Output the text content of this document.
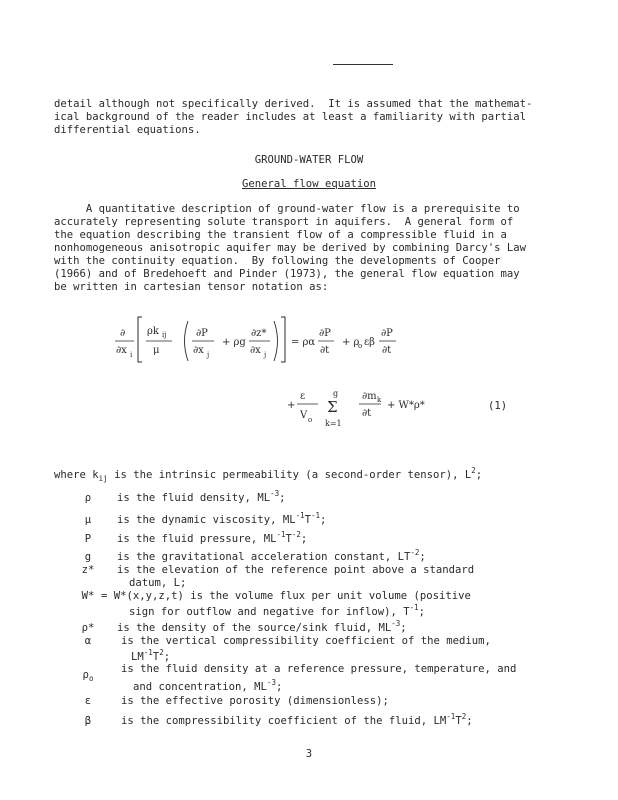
detail although not specifically derived.  It is assumed that the mathemat-
ical background of the reader includes at least a familiarity with partial
differential equations.
GROUND-WATER FLOW
General flow equation
A quantitative description of ground-water flow is a prerequisite to
accurately representing solute transport in aquifers.  A general form of
the equation describing the transient flow of a compressible fluid in a
nonhomogeneous anisotropic aquifer may be derived by combining Darcy's Law
with the continuity equation.  By following the developments of Cooper
(1966) and of Bredehoeft and Pinder (1973), the general flow equation may
be written in cartesian tensor notation as:
∂
∂x i
ρk ij
μ
∂P
∂x j
+ ρg
∂z*
∂x j
= ρα
∂P
∂t
+ ρ
o εβ
∂P
∂t
+
ε
V o
g
Σ
k=1
∂m k
∂t
+ W*ρ*	(1)
where $k_{ij}$ is the intrinsic permeability (a second-order tensor), $L^2$;
ρ	is the fluid density, $ML^{-3}$;
μ	is the dynamic viscosity, $ML^{-1}T^{-1}$;
P	is the fluid pressure, $ML^{-1}T^{-2}$;
g	is the gravitational acceleration constant, $LT^{-2}$;
z* is the elevation of the reference point above a standard
datum, L;
W* = W*(x,y,z,t) is the volume flux per unit volume (positive
sign for outflow and negative for inflow), $T^{-1}$;
ρ* is the density of the source/sink fluid, $ML^{-3}$;
α	is the vertical compressibility coefficient of the medium,
$LM^{-1}T^2$;
$\rho_o$
is the fluid density at a reference pressure, temperature, and
and concentration, $ML^{-3}$;
ε	is the effective porosity (dimensionless);
β	is the compressibility coefficient of the fluid, $LM^{-1}T^2$;
3
